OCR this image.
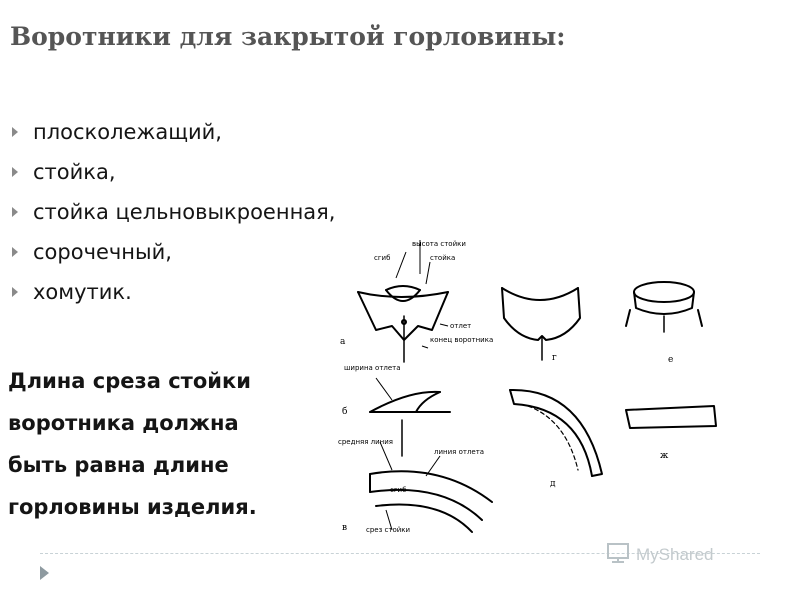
Воротники для закрытой горловины:
плосколежащий,
стойка,
стойка цельновыкроенная,
сорочечный,
хомутик.
Длина среза стойки
воротника должна
быть равна длине
горловины изделия.
высота стойки
сгиб	стойка
отлет
конец воротника
ширина отлета
средняя линия
линия отлета
сгиб
срез стойки
а
г	е
б
ж
д
в
MyShared
